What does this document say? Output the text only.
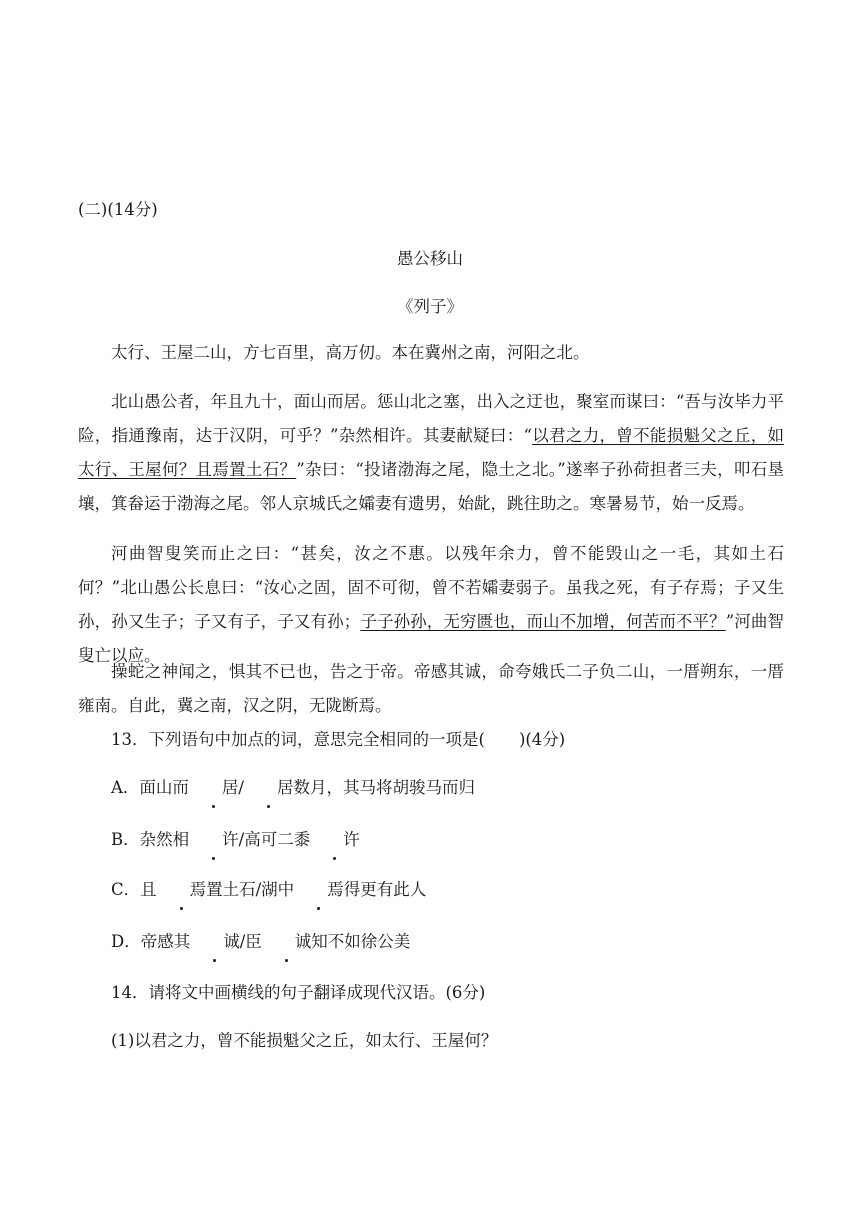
(二)(14分)

愚公移山

《列子》

太行、王屋二山，方七百里，高万仞。本在冀州之南，河阳之北。

北山愚公者，年且九十，面山而居。惩山北之塞，出入之迂也，聚室而谋曰：“吾与汝毕力平险，指通豫南，达于汉阴，可乎？”杂然相许。其妻献疑曰：“以君之力，曾不能损魁父之丘，如太行、王屋何？且焉置土石？”杂曰：“投诸渤海之尾，隐土之北。”遂率子孙荷担者三夫，叩石垦壤，箕畚运于渤海之尾。邻人京城氏之孀妻有遗男，始龀，跳往助之。寒暑易节，始一反焉。

河曲智叟笑而止之曰：“甚矣，汝之不惠。以残年余力，曾不能毁山之一毛，其如土石何？”北山愚公长息曰：“汝心之固，固不可彻，曾不若孀妻弱子。虽我之死，有子存焉；子又生孙，孙又生子；子又有子，子又有孙；子子孙孙，无穷匮也，而山不加增，何苦而不平？”河曲智叟亡以应。

操蛇之神闻之，惧其不已也，告之于帝。帝感其诚，命夸娥氏二子负二山，一厝朔东，一厝雍南。自此，冀之南，汉之阴，无陇断焉。

13．下列语句中加点的词，意思完全相同的一项是( )(4分)

A．面山而 居/ 居数月，其马将胡骏马而归

B．杂然相 许/高可二黍 许

C．且 焉置土石/湖中 焉得更有此人

D．帝感其 诚/臣 诚知不如徐公美

14．请将文中画横线的句子翻译成现代汉语。(6分)

(1)以君之力，曾不能损魁父之丘，如太行、王屋何？
